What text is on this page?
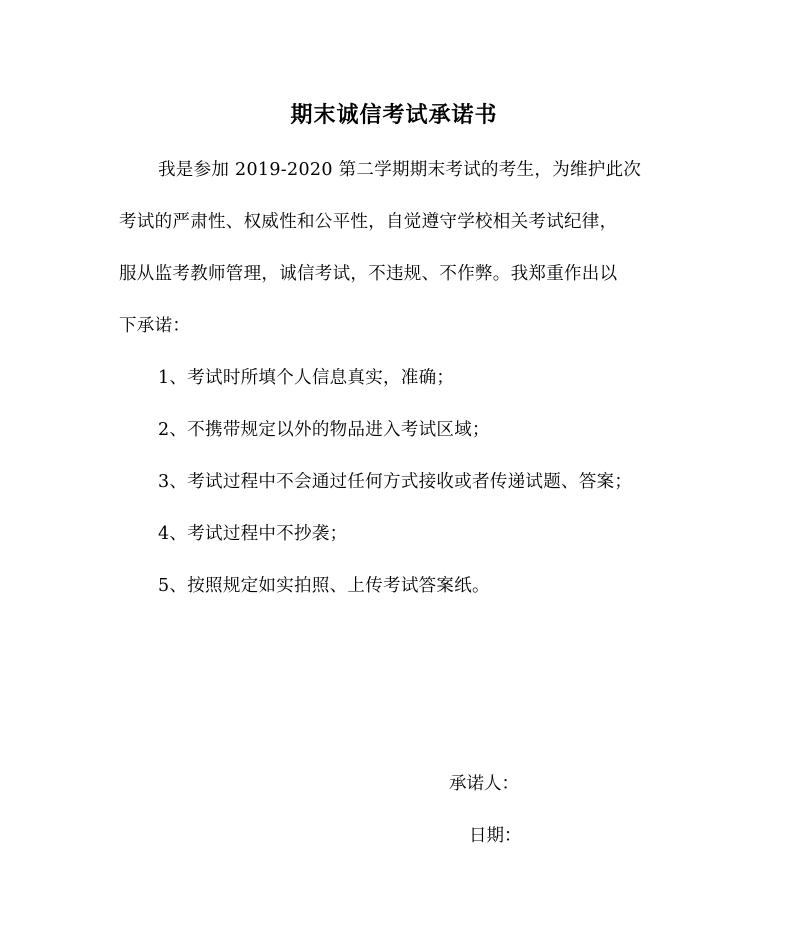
期末诚信考试承诺书
我是参加 2019-2020 第二学期期末考试的考生，为维护此次
考试的严肃性、权威性和公平性，自觉遵守学校相关考试纪律，
服从监考教师管理，诚信考试，不违规、不作弊。我郑重作出以
下承诺：
1、考试时所填个人信息真实，准确；
2、不携带规定以外的物品进入考试区域；
3、考试过程中不会通过任何方式接收或者传递试题、答案；
4、考试过程中不抄袭；
5、按照规定如实拍照、上传考试答案纸。
承诺人：
日期：
